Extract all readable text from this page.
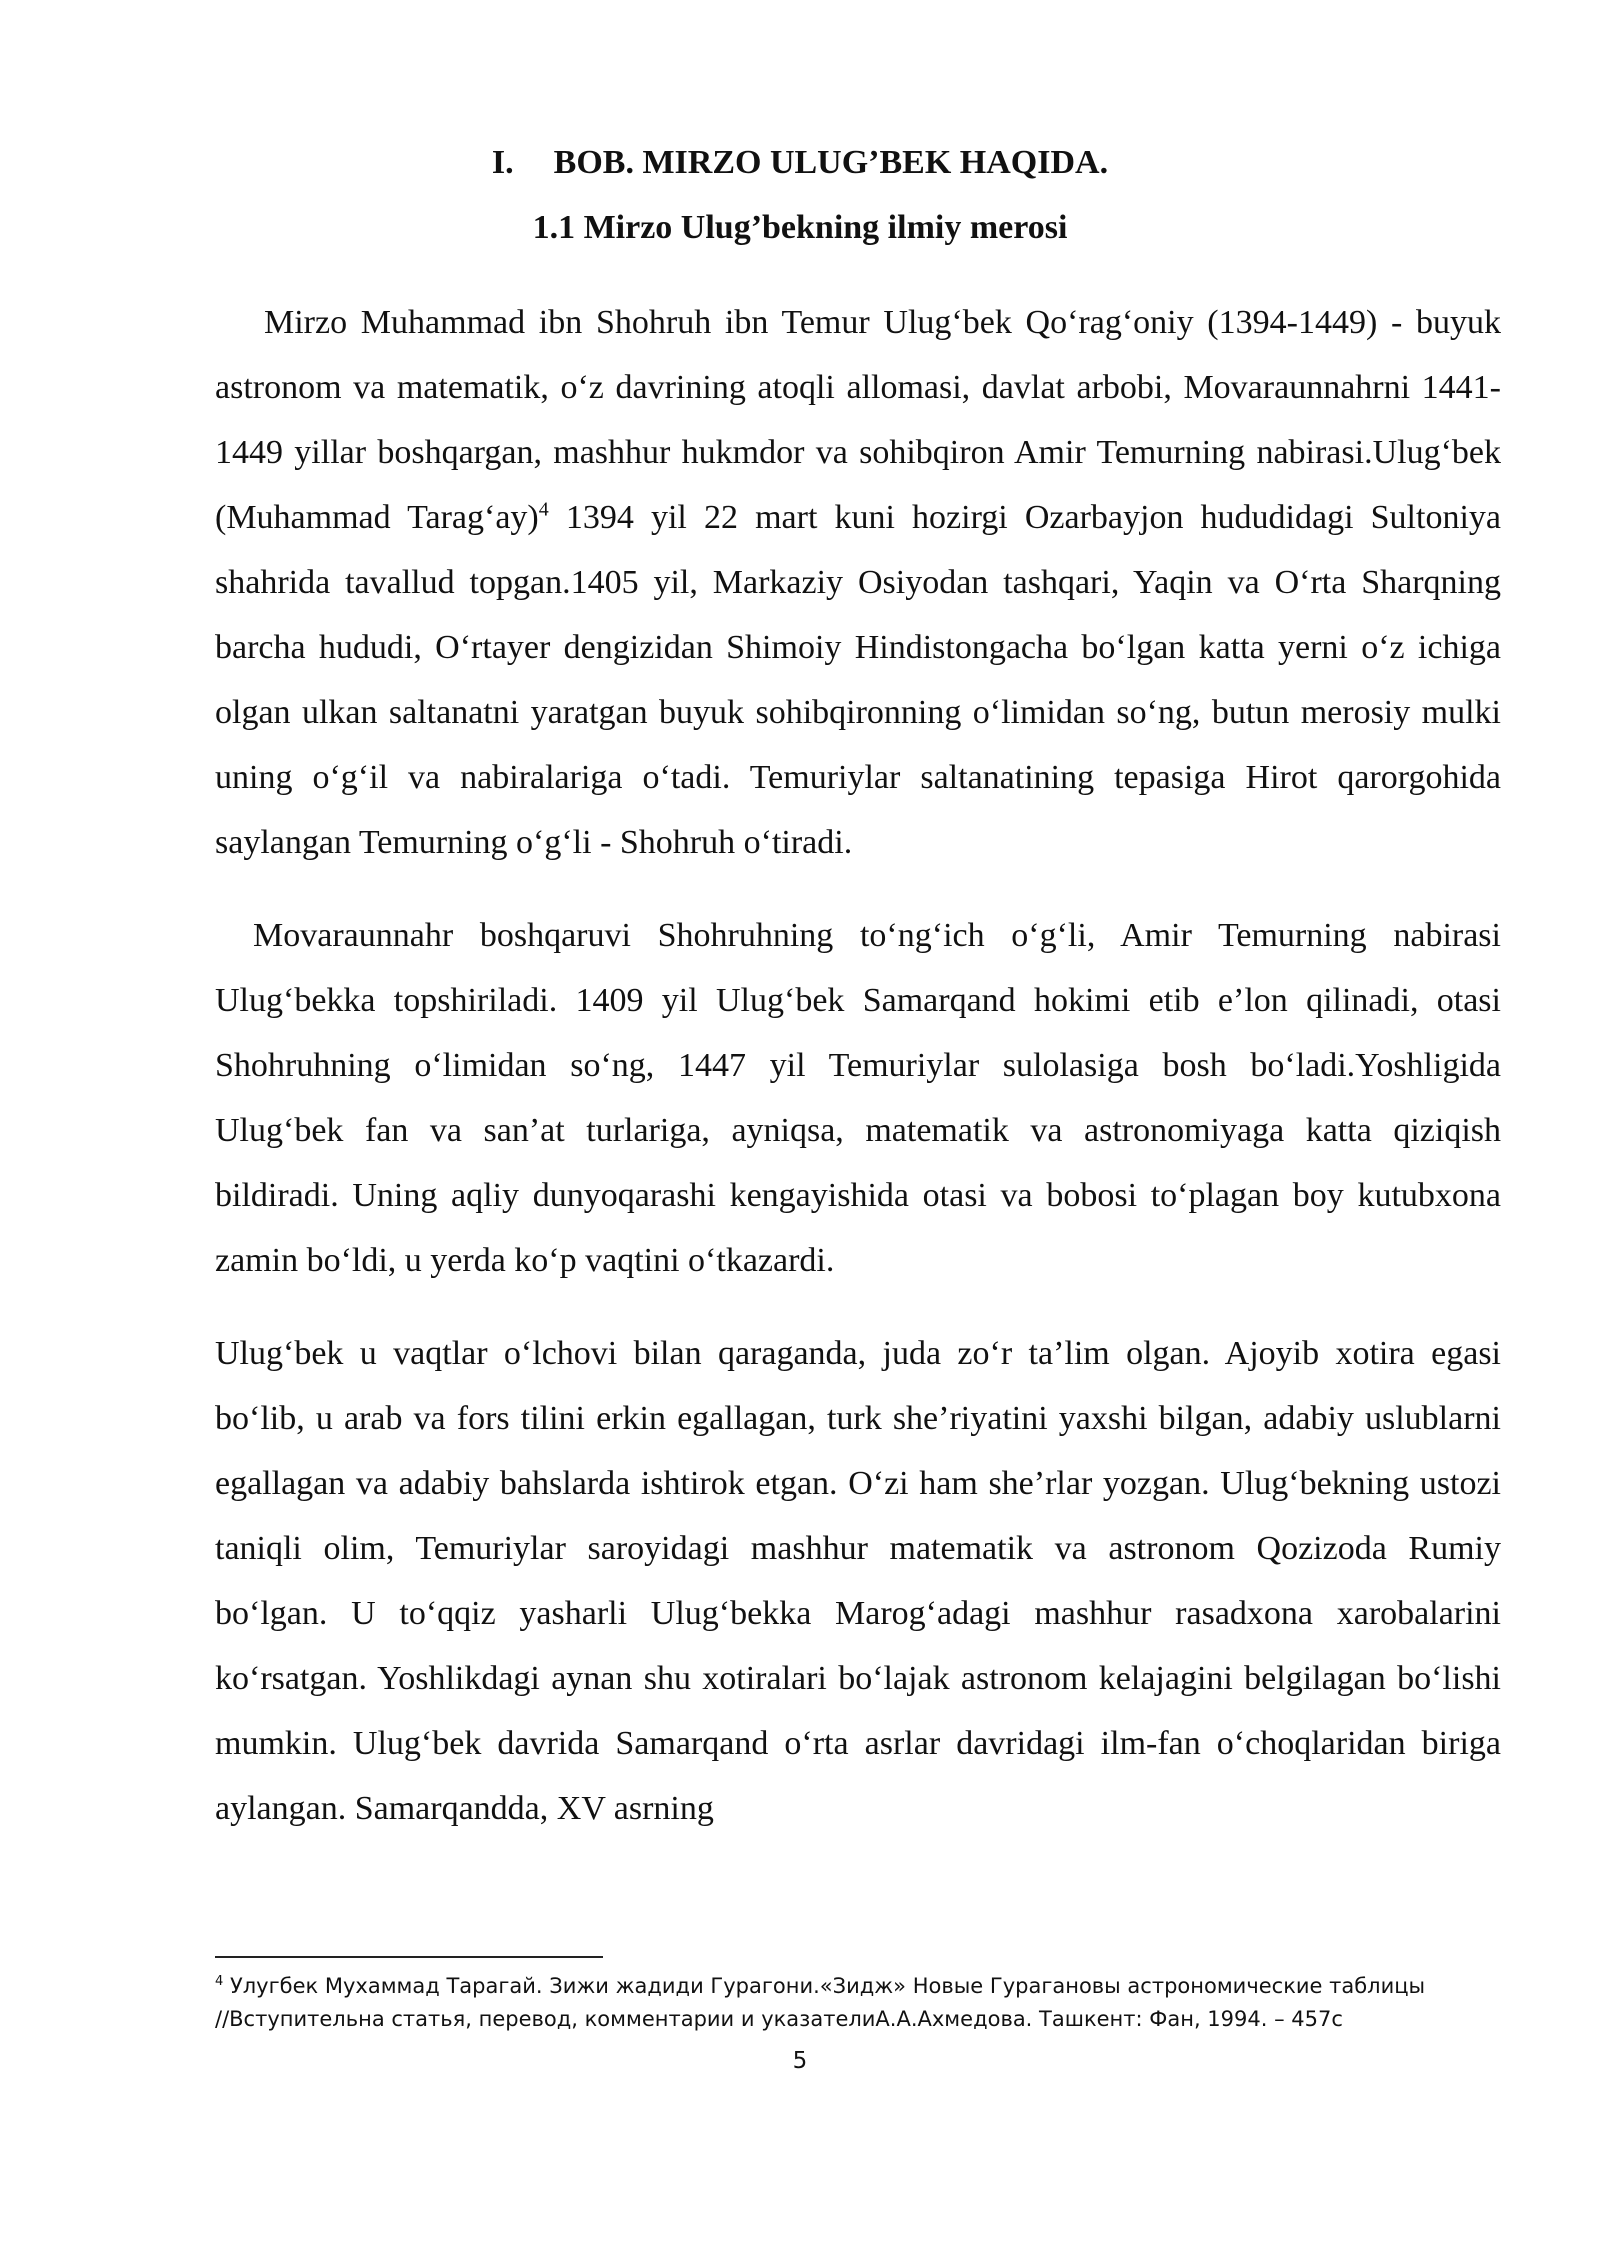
I. BOB. MIRZO ULUG’BEK HAQIDA.
1.1 Mirzo Ulug’bekning ilmiy merosi

Mirzo Muhammad ibn Shohruh ibn Temur Ulug‘bek Qo‘rag‘oniy (1394-1449) - buyuk astronom va matematik, o‘z davrining atoqli allomasi, davlat arbobi, Movaraunnahrni 1441-1449 yillar boshqargan, mashhur hukmdor va sohibqiron Amir Temurning nabirasi.Ulug‘bek (Muhammad Tarag‘ay)$^4$ 1394 yil 22 mart kuni hozirgi Ozarbayjon hududidagi Sultoniya shahrida tavallud topgan.1405 yil, Markaziy Osiyodan tashqari, Yaqin va O‘rta Sharqning barcha hududi, O‘rtayer dengizidan Shimoiy Hindistongacha bo‘lgan katta yerni o‘z ichiga olgan ulkan saltanatni yaratgan buyuk sohibqironning o‘limidan so‘ng, butun merosiy mulki uning o‘g‘il va nabiralariga o‘tadi. Temuriylar saltanatining tepasiga Hirot qarorgohida saylangan Temurning o‘g‘li - Shohruh o‘tiradi.

Movaraunnahr boshqaruvi Shohruhning to‘ng‘ich o‘g‘li, Amir Temurning nabirasi Ulug‘bekka topshiriladi. 1409 yil Ulug‘bek Samarqand hokimi etib e’lon qilinadi, otasi Shohruhning o‘limidan so‘ng, 1447 yil Temuriylar sulolasiga bosh bo‘ladi.Yoshligida Ulug‘bek fan va san’at turlariga, ayniqsa, matematik va astronomiyaga katta qiziqish bildiradi. Uning aqliy dunyoqarashi kengayishida otasi va bobosi to‘plagan boy kutubxona zamin bo‘ldi, u yerda ko‘p vaqtini o‘tkazardi.

Ulug‘bek u vaqtlar o‘lchovi bilan qaraganda, juda zo‘r ta’lim olgan. Ajoyib xotira egasi bo‘lib, u arab va fors tilini erkin egallagan, turk she’riyatini yaxshi bilgan, adabiy uslublarni egallagan va adabiy bahslarda ishtirok etgan. O‘zi ham she’rlar yozgan. Ulug‘bekning ustozi taniqli olim, Temuriylar saroyidagi mashhur matematik va astronom Qozizoda Rumiy bo‘lgan. U to‘qqiz yasharli Ulug‘bekka Marog‘adagi mashhur rasadxona xarobalarini ko‘rsatgan. Yoshlikdagi aynan shu xotiralari bo‘lajak astronom kelajagini belgilagan bo‘lishi mumkin. Ulug‘bek davrida Samarqand o‘rta asrlar davridagi ilm-fan o‘choqlaridan biriga aylangan. Samarqandda, XV asrning

$^4$ Улугбек Мухаммад Тарагай. Зижи жадиди Гурагони.«Зидж» Новые Гурагановы астрономические таблицы
//Вступительна статья, перевод, комментарии и указателиА.А.Ахмедова. Ташкент: Фан, 1994. – 457с
5
